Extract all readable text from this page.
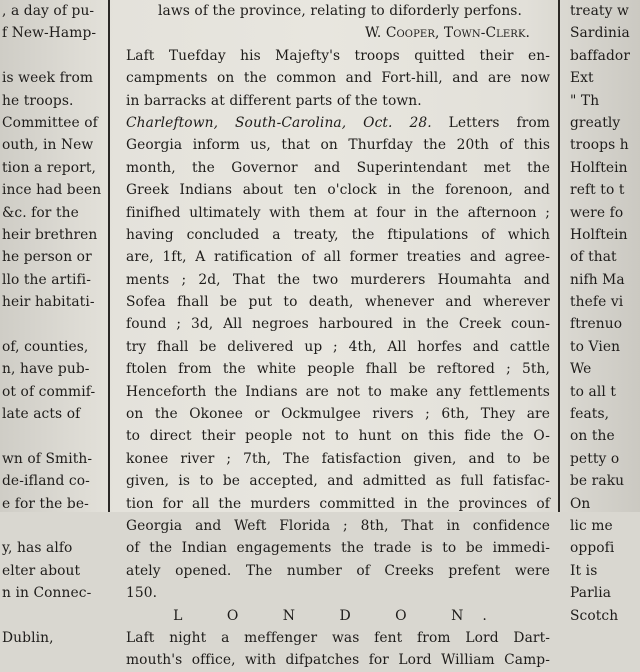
, a day of pu-
f New-Hamp-

is week from
he troops.
Committee of
outh, in New
tion a report,
ince had been
&c. for the
heir brethren
he person or
llo the artifi-
heir habitati-

of, counties,
n, have pub-
ot of commif-
late acts of

wn of Smith-
de-ifland co-
e for the be-

y, has alfo
elter about
n in Connec-

Dublin,
laws of the province, relating to diforderly perfons.
W. Cooper, Town-Clerk.
Laft Tuefday his Majefty's troops quitted their en-
campments on the common and Fort-hill, and are now
in barracks at different parts of the town.
Charleftown, South-Carolina, Oct. 28. Letters from
Georgia inform us, that on Thurfday the 20th of this
month, the Governor and Superintendant met the
Greek Indians about ten o'clock in the forenoon, and
finifhed ultimately with them at four in the afternoon ;
having concluded a treaty, the ftipulations of which
are, 1ft, A ratification of all former treaties and agree-
ments ; 2d, That the two murderers Houmahta and
Sofea fhall be put to death, whenever and wherever
found ; 3d, All negroes harboured in the Creek coun-
try fhall be delivered up ; 4th, All horfes and cattle
ftolen from the white people fhall be reftored ; 5th,
Henceforth the Indians are not to make any fettlements
on the Okonee or Ockmulgee rivers ; 6th, They are
to direct their people not to hunt on this fide the O-
konee river ; 7th, The fatisfaction given, and to be
given, is to be accepted, and admitted as full fatisfac-
tion for all the murders committed in the provinces of
Georgia and Weft Florida ; 8th, That in confidence
of the Indian engagements the trade is to be immedi-
ately opened. The number of Creeks prefent were
150.
L O N D O N.
Laft night a meffenger was fent from Lord Dart-
mouth's office, with difpatches for Lord William Camp-
treaty w
Sardinia
baffador
Ext
" Th
greatly
troops h
Holftein
reft to t
were fo
Holftein
of that
nifh Ma
thefe vi
ftrenuo
to Vien
We
to all t
feats,
on the
petty o
be raku
On
lic me
oppofi
It is
Parlia
Scotch
